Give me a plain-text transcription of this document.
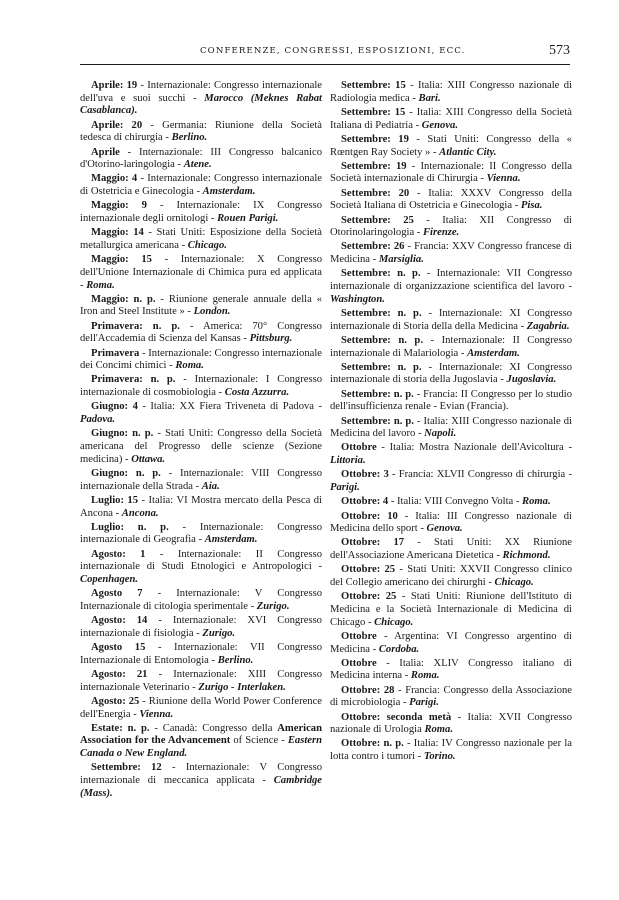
CONFERENZE, CONGRESSI, ESPOSIZIONI, ECC.	573

Aprile: 19 - Internazionale: Congresso internazionale dell'uva e suoi succhi - Marocco (Meknes Rabat Casablanca).

Aprile: 20 - Germania: Riunione della Società tedesca di chirurgia - Berlino.

Aprile - Internazionale: III Congresso balcanico d'Otorino-laringologia - Atene.

Maggio: 4 - Internazionale: Congresso internazionale di Ostetricia e Ginecologia - Amsterdam.

Maggio: 9 - Internazionale: IX Congresso internazionale degli ornitologi - Rouen Parigi.

Maggio: 14 - Stati Uniti: Esposizione della Società metallurgica americana - Chicago.

Maggio: 15 - Internazionale: X Congresso dell'Unione Internazionale di Chimica pura ed applicata - Roma.

Maggio: n. p. - Riunione generale annuale della « Iron and Steel Institute » - London.

Primavera: n. p. - America: 70° Congresso dell'Accademia di Scienza del Kansas - Pittsburg.

Primavera - Internazionale: Congresso internazionale dei Concimi chimici - Roma.

Primavera: n. p. - Internazionale: I Congresso internazionale di cosmobiologia - Costa Azzurra.

Giugno: 4 - Italia: XX Fiera Triveneta di Padova - Padova.

Giugno: n. p. - Stati Uniti: Congresso della Società americana del Progresso delle scienze (Sezione medicina) - Ottawa.

Giugno: n. p. - Internazionale: VIII Congresso internazionale della Strada - Aia.

Luglio: 15 - Italia: VI Mostra mercato della Pesca di Ancona - Ancona.

Luglio: n. p. - Internazionale: Congresso internazionale di Geografia - Amsterdam.

Agosto: 1 - Internazionale: II Congresso internazionale di Studi Etnologici e Antropologici - Copenhagen.

Agosto 7 - Internazionale: V Congresso Internazionale di citologia sperimentale - Zurigo.

Agosto: 14 - Internazionale: XVI Congresso internazionale di fisiologia - Zurigo.

Agosto 15 - Internazionale: VII Congresso Internazionale di Entomologia - Berlino.

Agosto: 21 - Internazionale: XIII Congresso internazionale Veterinario - Zurigo - Interlaken.

Agosto: 25 - Riunione della World Power Conference dell'Energia - Vienna.

Estate: n. p. - Canadà: Congresso della American Association for the Advancement of Science - Eastern Canada o New England.

Settembre: 12 - Internazionale: V Congresso internazionale di meccanica applicata - Cambridge (Mass).

Settembre: 15 - Italia: XIII Congresso nazionale di Radiologia medica - Bari.

Settembre: 15 - Italia: XIII Congresso della Società Italiana di Pediatria - Genova.

Settembre: 19 - Stati Uniti: Congresso della « Rœntgen Ray Society » - Atlantic City.

Settembre: 19 - Internazionale: II Congresso della Società internazionale di Chirurgia - Vienna.

Settembre: 20 - Italia: XXXV Congresso della Società Italiana di Ostetricia e Ginecologia - Pisa.

Settembre: 25 - Italia: XII Congresso di Otorinolaringologia - Firenze.

Settembre: 26 - Francia: XXV Congresso francese di Medicina - Marsiglia.

Settembre: n. p. - Internazionale: VII Congresso internazionale di organizzazione scientifica del lavoro - Washington.

Settembre: n. p. - Internazionale: XI Congresso internazionale di Storia della della Medicina - Zagabria.

Settembre: n. p. - Internazionale: II Congresso internazionale di Malariologia - Amsterdam.

Settembre: n. p. - Internazionale: XI Congresso internazionale di storia della Jugoslavia - Jugoslavia.

Settembre: n. p. - Francia: II Congresso per lo studio dell'insufficienza renale - Evian (Francia).

Settembre: n. p. - Italia: XIII Congresso nazionale di Medicina del lavoro - Napoli.

Ottobre - Italia: Mostra Nazionale dell'Avicoltura - Littoria.

Ottobre: 3 - Francia: XLVII Congresso di chirurgia - Parigi.

Ottobre: 4 - Italia: VIII Convegno Volta - Roma.

Ottobre: 10 - Italia: III Congresso nazionale di Medicina dello sport - Genova.

Ottobre: 17 - Stati Uniti: XX Riunione dell'Associazione Americana Dietetica - Richmond.

Ottobre: 25 - Stati Uniti: XXVII Congresso clinico del Collegio americano dei chirurghi - Chicago.

Ottobre: 25 - Stati Uniti: Riunione dell'Istituto di Medicina e la Società Internazionale di Medicina di Chicago - Chicago.

Ottobre - Argentina: VI Congresso argentino di Medicina - Cordoba.

Ottobre - Italia: XLIV Congresso italiano di Medicina interna - Roma.

Ottobre: 28 - Francia: Congresso della Associazione di microbiologia - Parigi.

Ottobre: seconda metà - Italia: XVII Congresso nazionale di Urologia Roma.

Ottobre: n. p. - Italia: IV Congresso nazionale per la lotta contro i tumori - Torino.
